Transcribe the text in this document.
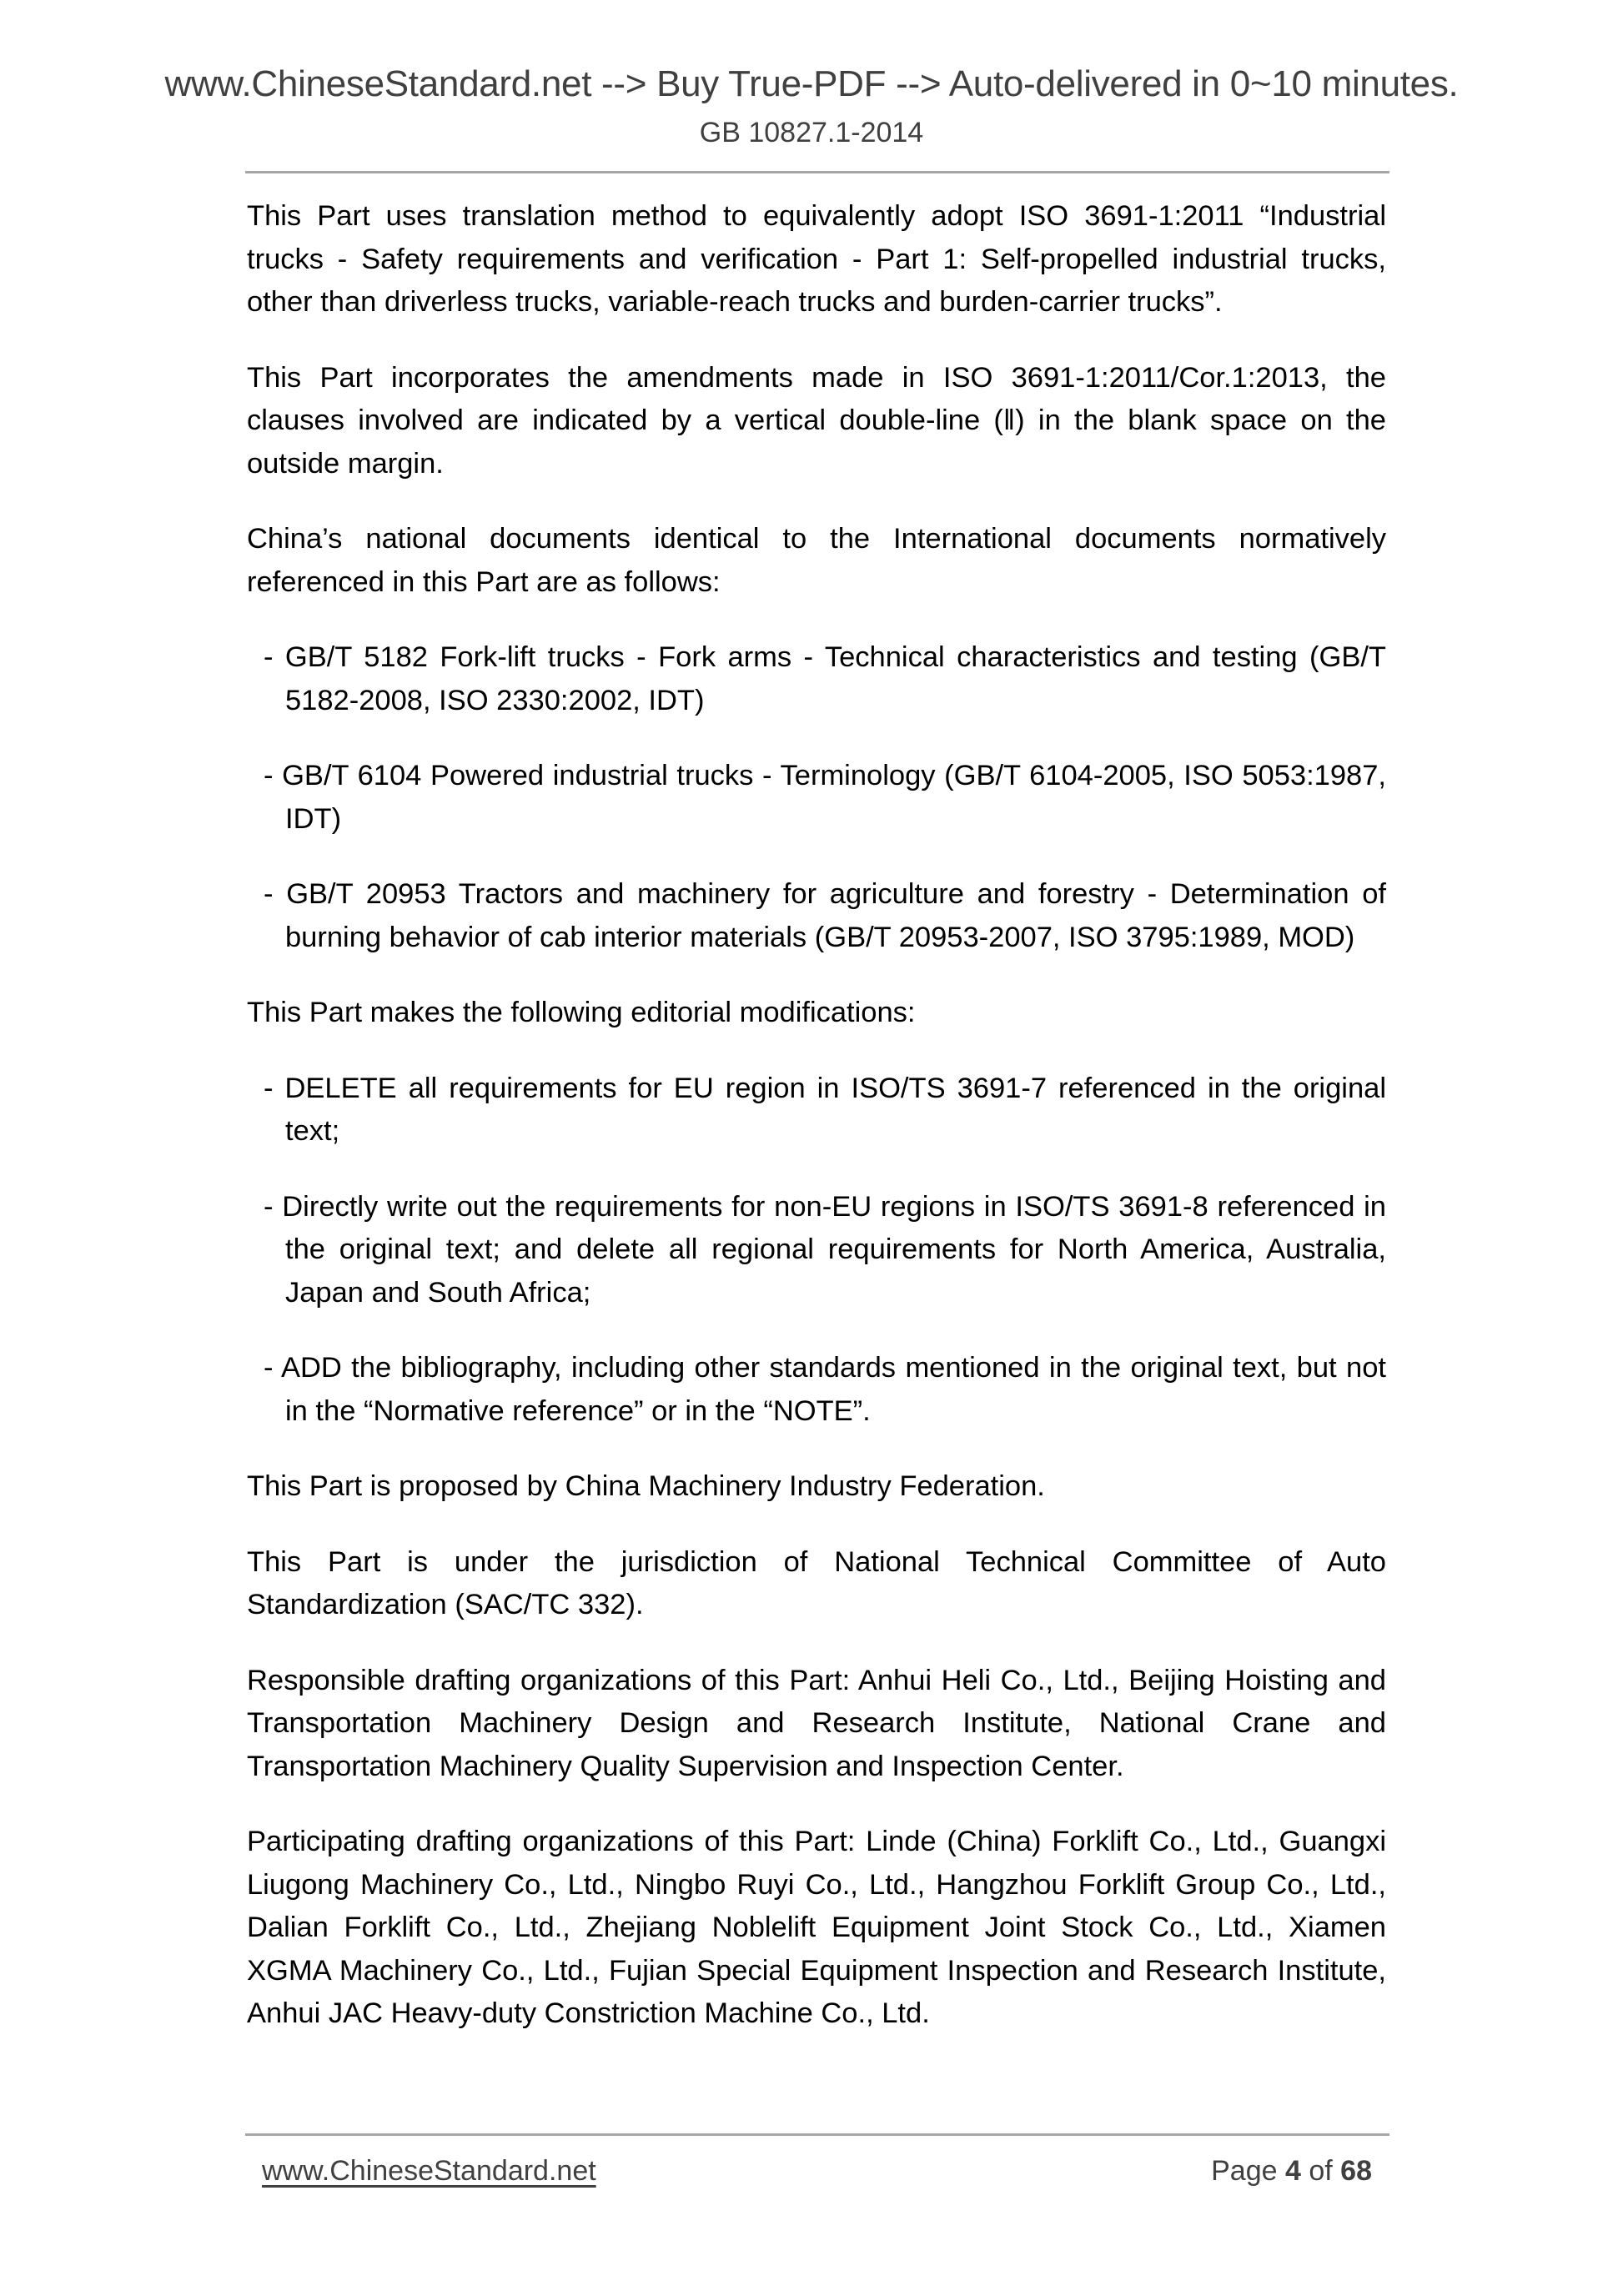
www.ChineseStandard.net --> Buy True-PDF --> Auto-delivered in 0~10 minutes.
GB 10827.1-2014

This Part uses translation method to equivalently adopt ISO 3691-1:2011 “Industrial trucks - Safety requirements and verification - Part 1: Self-propelled industrial trucks, other than driverless trucks, variable-reach trucks and burden-carrier trucks”.

This Part incorporates the amendments made in ISO 3691-1:2011/Cor.1:2013, the clauses involved are indicated by a vertical double-line (‖) in the blank space on the outside margin.

China’s national documents identical to the International documents normatively referenced in this Part are as follows:

- GB/T 5182 Fork-lift trucks - Fork arms - Technical characteristics and testing (GB/T 5182-2008, ISO 2330:2002, IDT)

- GB/T 6104 Powered industrial trucks - Terminology (GB/T 6104-2005, ISO 5053:1987, IDT)

- GB/T 20953 Tractors and machinery for agriculture and forestry - Determination of burning behavior of cab interior materials (GB/T 20953-2007, ISO 3795:1989, MOD)

This Part makes the following editorial modifications:

- DELETE all requirements for EU region in ISO/TS 3691-7 referenced in the original text;

- Directly write out the requirements for non-EU regions in ISO/TS 3691-8 referenced in the original text; and delete all regional requirements for North America, Australia, Japan and South Africa;

- ADD the bibliography, including other standards mentioned in the original text, but not in the “Normative reference” or in the “NOTE”.

This Part is proposed by China Machinery Industry Federation.

This Part is under the jurisdiction of National Technical Committee of Auto Standardization (SAC/TC 332).

Responsible drafting organizations of this Part: Anhui Heli Co., Ltd., Beijing Hoisting and Transportation Machinery Design and Research Institute, National Crane and Transportation Machinery Quality Supervision and Inspection Center.

Participating drafting organizations of this Part: Linde (China) Forklift Co., Ltd., Guangxi Liugong Machinery Co., Ltd., Ningbo Ruyi Co., Ltd., Hangzhou Forklift Group Co., Ltd., Dalian Forklift Co., Ltd., Zhejiang Noblelift Equipment Joint Stock Co., Ltd., Xiamen XGMA Machinery Co., Ltd., Fujian Special Equipment Inspection and Research Institute, Anhui JAC Heavy-duty Constriction Machine Co., Ltd.

www.ChineseStandard.net	Page 4 of 68
